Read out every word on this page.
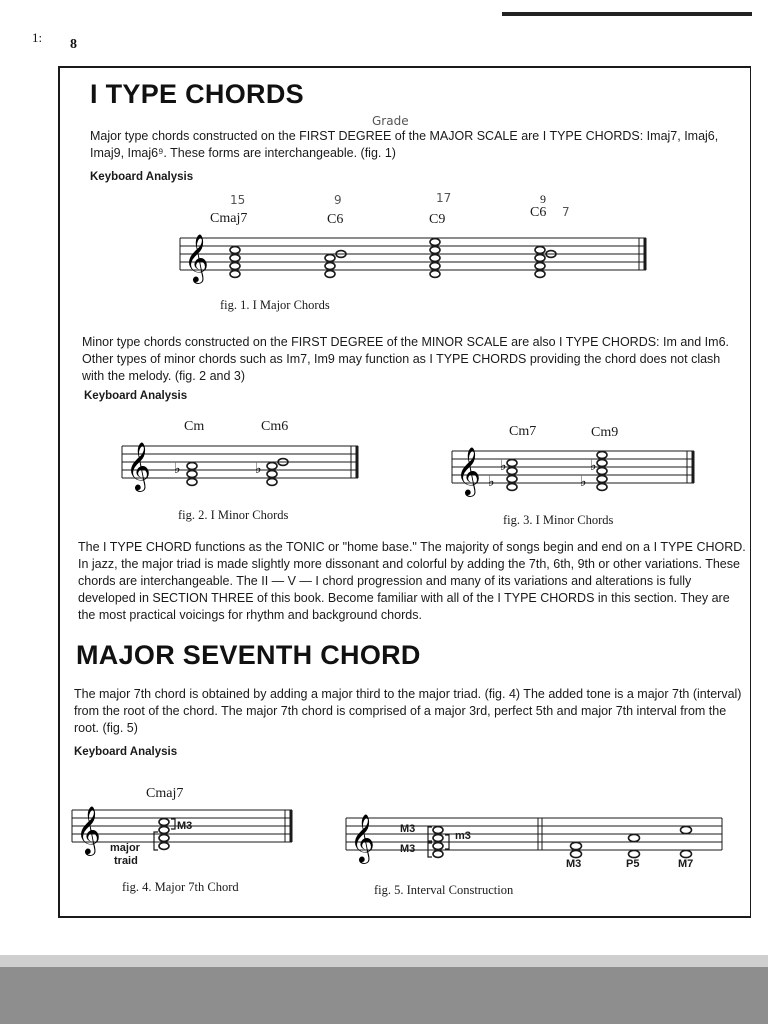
1: 8
I TYPE CHORDS
Grade

Major type chords constructed on the FIRST DEGREE of the MAJOR SCALE are I TYPE CHORDS: Imaj7, Imaj6, Imaj9, Imaj6⁹. These forms are interchangeable. (fig. 1)

Keyboard Analysis

15	9	17
Cmaj7	C6	C9
9
C6 7
𝄞

fig. 1. I Major Chords

Minor type chords constructed on the FIRST DEGREE of the MINOR SCALE are also I TYPE CHORDS: Im and Im6. Other types of minor chords such as Im7, Im9 may function as I TYPE CHORDS providing the chord does not clash with the melody. (fig. 2 and 3)

Keyboard Analysis

Cm	Cm6
𝄞 ♭	♭

fig. 2. I Minor Chords

Cm7	Cm9
𝄞 ♭
♭
♭
♭

fig. 3. I Minor Chords

The I TYPE CHORD functions as the TONIC or "home base." The majority of songs begin and end on a I TYPE CHORD. In jazz, the major triad is made slightly more dissonant and colorful by adding the 7th, 6th, 9th or other variations. These chords are interchangeable. The II — V — I chord progression and many of its variations and alterations is fully developed in SECTION THREE of this book. Become familiar with all of the I TYPE CHORDS in this section. They are the most practical voicings for rhythm and background chords.

MAJOR SEVENTH CHORD

The major 7th chord is obtained by adding a major third to the major triad. (fig. 4) The added tone is a major 7th (interval) from the root of the chord. The major 7th chord is comprised of a major 3rd, perfect 5th and major 7th interval from the root. (fig. 5)

Keyboard Analysis

Cmaj7
𝄞	M3
major
traid

fig. 4. Major 7th Chord

𝄞 M3
m3
M3
M3	P5	M7

fig. 5. Interval Construction
